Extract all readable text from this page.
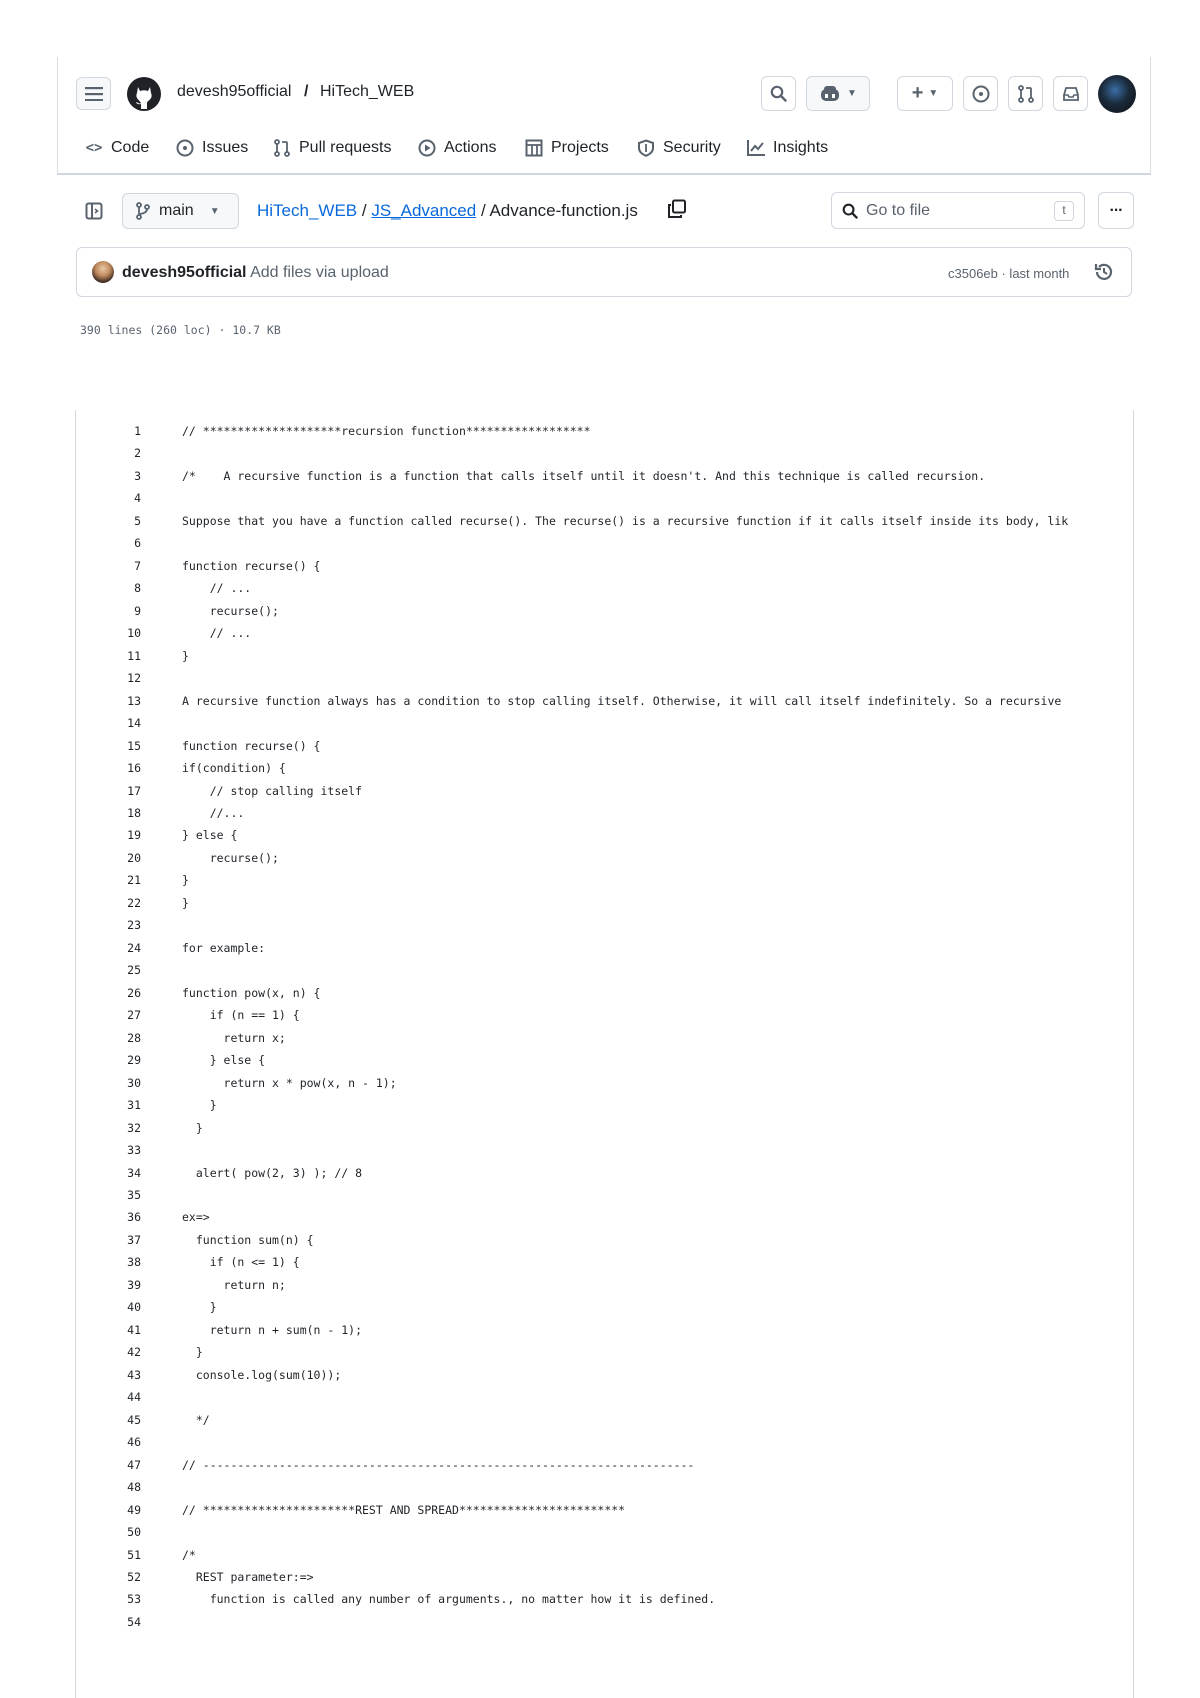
devesh95official / HiTech_WEB	▼	+ ▼
<> Code	Issues	Pull requests	Actions	Projects	Security	Insights
main ▼ HiTech_WEB / JS_Advanced / Advance-function.js	Go to file	t	···
devesh95official Add files via upload	c3506eb · last month
390 lines (260 loc) · 10.7 KB
1	// ********************recursion function******************
2
3	/*    A recursive function is a function that calls itself until it doesn't. And this technique is called recursion.
4
5	Suppose that you have a function called recurse(). The recurse() is a recursive function if it calls itself inside its body, lik
6
7	function recurse() {
8	// ...
9	recurse();
10	// ...
11	}
12
13	A recursive function always has a condition to stop calling itself. Otherwise, it will call itself indefinitely. So a recursive
14
15	function recurse() {
16	if(condition) {
17	// stop calling itself
18	//...
19	} else {
20	recurse();
21	}
22	}
23
24	for example:
25
26	function pow(x, n) {
27	if (n == 1) {
28	return x;
29	} else {
30	return x * pow(x, n - 1);
31	}
32	}
33
34	alert( pow(2, 3) ); // 8
35
36	ex=>
37	function sum(n) {
38	if (n <= 1) {
39	return n;
40	}
41	return n + sum(n - 1);
42	}
43	console.log(sum(10));
44
45	*/
46
47	// -----------------------------------------------------------------------
48
49	// **********************REST AND SPREAD************************
50
51	/*
52	REST parameter:=>
53	function is called any number of arguments., no matter how it is defined.
54
